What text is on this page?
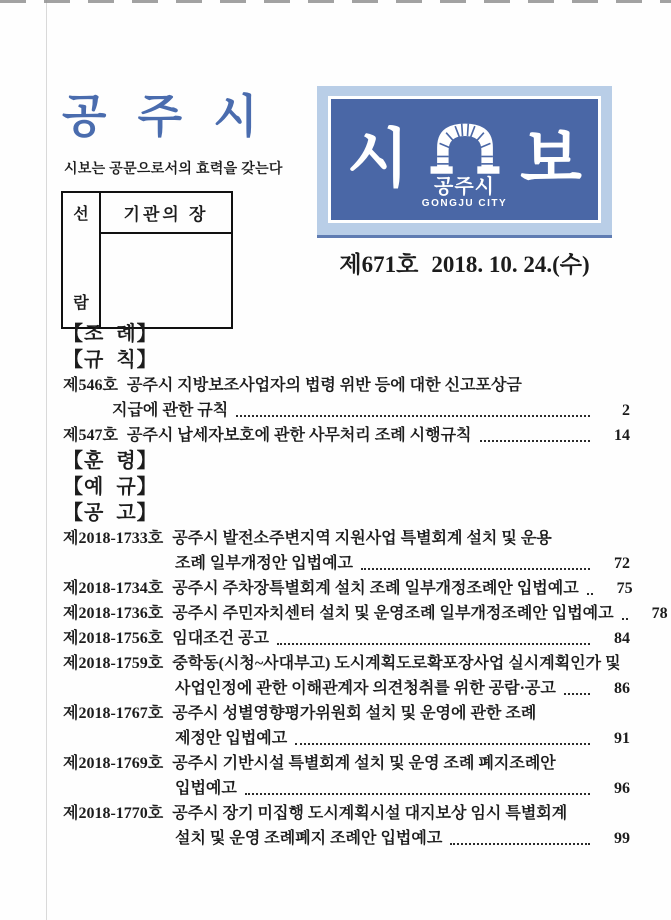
공 주 시

시보는 공문으로서의 효력을 갖는다

선
람
	기관의 장

시 공주시
GONGJU CITY
보
제671호 2018. 10. 24.(수)
【조  례】
【규  칙】
제546호 공주시 지방보조사업자의 법령 위반 등에 대한 신고포상금
지급에 관한 규칙	2
제547호 공주시 납세자보호에 관한 사무처리 조례 시행규칙	14
【훈  령】
【예  규】
【공  고】
제2018-1733호 공주시 발전소주변지역 지원사업 특별회계 설치 및 운용
조례 일부개정안 입법예고	72
제2018-1734호 공주시 주차장특별회계 설치 조례 일부개정조례안 입법예고	75
제2018-1736호 공주시 주민자치센터 설치 및 운영조례 일부개정조례안 입법예고	78
제2018-1756호 임대조건 공고	84
제2018-1759호 중학동(시청~사대부고) 도시계획도로확포장사업 실시계획인가 및
사업인정에 관한 이해관계자 의견청취를 위한 공람·공고	86
제2018-1767호 공주시 성별영향평가위원회 설치 및 운영에 관한 조례
제정안 입법예고	91
제2018-1769호 공주시 기반시설 특별회계 설치 및 운영 조례 폐지조례안
입법예고	96
제2018-1770호 공주시 장기 미집행 도시계획시설 대지보상 임시 특별회계
설치 및 운영 조례폐지 조례안 입법예고	99
